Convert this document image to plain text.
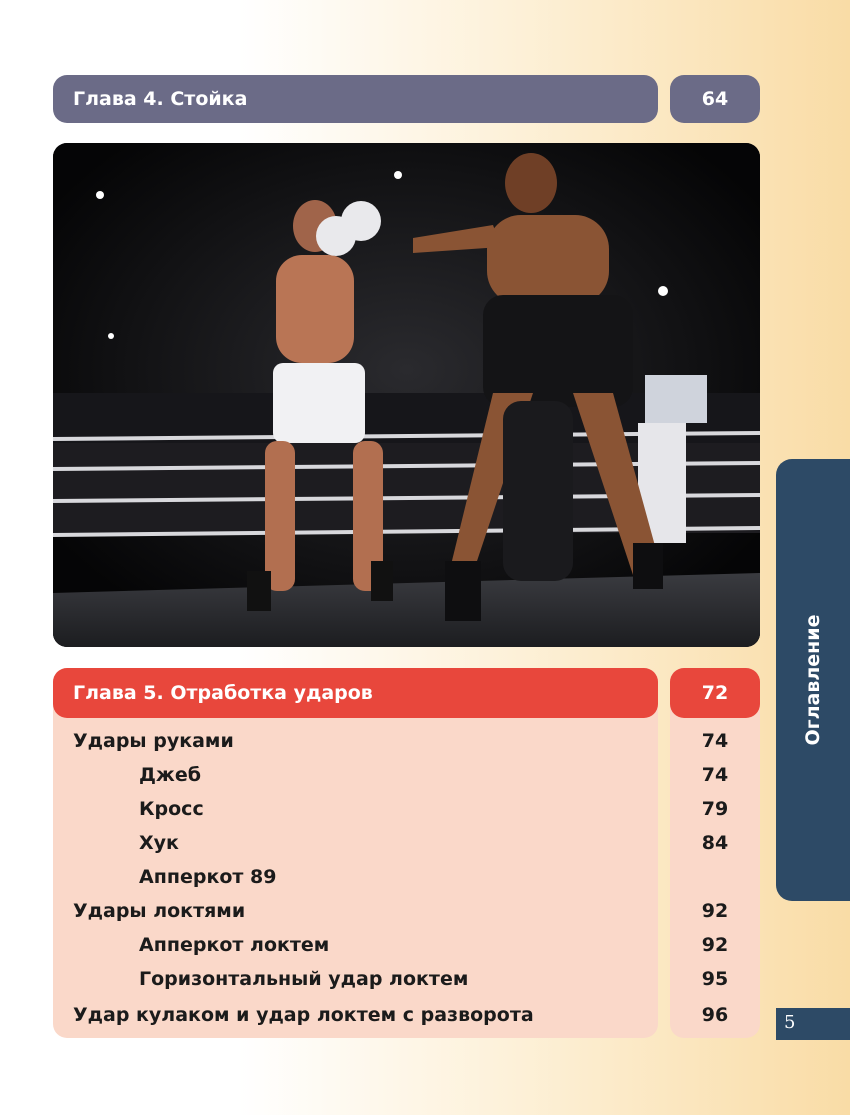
Глава 4. Стойка	64
Глава 5. Отработка ударов	72
Удары руками	74
Джеб	74
Кросс	79
Хук	84
Апперкот 89
Удары локтями	92
Апперкот локтем	92
Горизонтальный удар локтем	95
Удар кулаком и удар локтем с разворота	96
Оглавление
5
